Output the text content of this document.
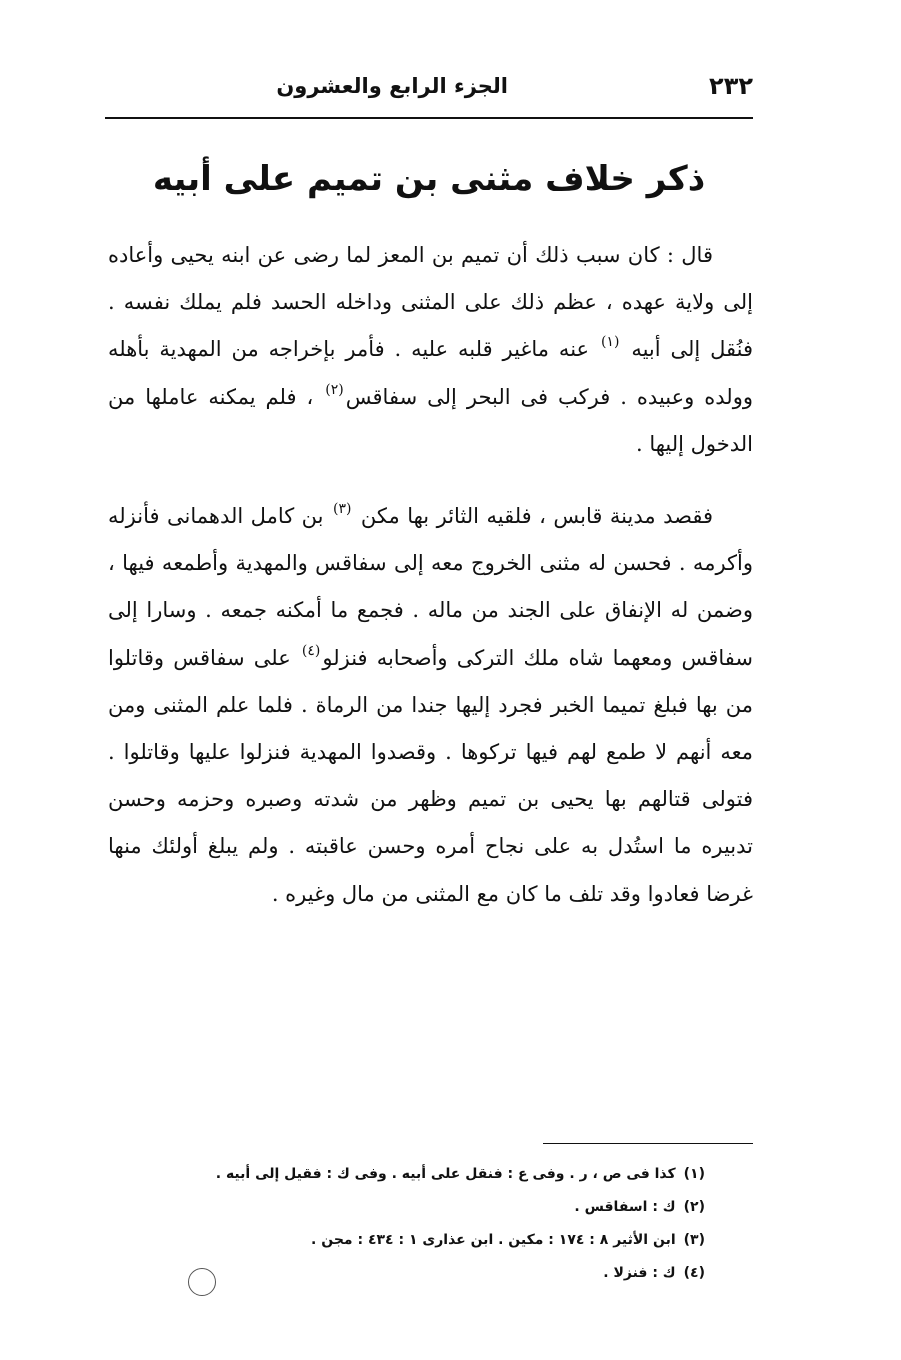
٢٣٢
الجزء الرابع والعشرون
ذكر خلاف مثنى بن تميم على أبيه

قال : كان سبب ذلك أن تميم بن المعز لما رضى عن ابنه يحيى وأعاده إلى ولاية عهده ، عظم ذلك على المثنى وداخله الحسد فلم يملك نفسه . فنُقل إلى أبيه $^{(١)}$ عنه ماغير قلبه عليه . فأمر بإخراجه من المهدية بأهله وولده وعبيده . فركب فى البحر إلى سفاقس$^{(٢)}$ ، فلم يمكنه عاملها من الدخول إليها .

فقصد مدينة قابس ، فلقيه الثائر بها مكن $^{(٣)}$ بن كامل الدهمانى فأنزله وأكرمه . فحسن له مثنى الخروج معه إلى سفاقس والمهدية وأطمعه فيها ، وضمن له الإنفاق على الجند من ماله . فجمع ما أمكنه جمعه . وسارا إلى سفاقس ومعهما شاه ملك التركى وأصحابه فنزلو$^{(٤)}$ على سفاقس وقاتلوا من بها فبلغ تميما الخبر فجرد إليها جندا من الرماة . فلما علم المثنى ومن معه أنهم لا طمع لهم فيها تركوها . وقصدوا المهدية فنزلوا عليها وقاتلوا . فتولى قتالهم بها يحيى بن تميم وظهر من شدته وصبره وحزمه وحسن تدبيره ما استُدل به على نجاح أمره وحسن عاقبته . ولم يبلغ أولئك منها غرضا فعادوا وقد تلف ما كان مع المثنى من مال وغيره .

(١)كذا فى ص ، ر . وفى ع : فنقل على أبيه . وفى ك : فقيل إلى أبيه .
(٢)ك : اسفاقس .
(٣)ابن الأثير ٨ : ١٧٤ : مكين . ابن عذارى ١ : ٤٣٤ : مجن .
(٤)ك : فنزلا .
